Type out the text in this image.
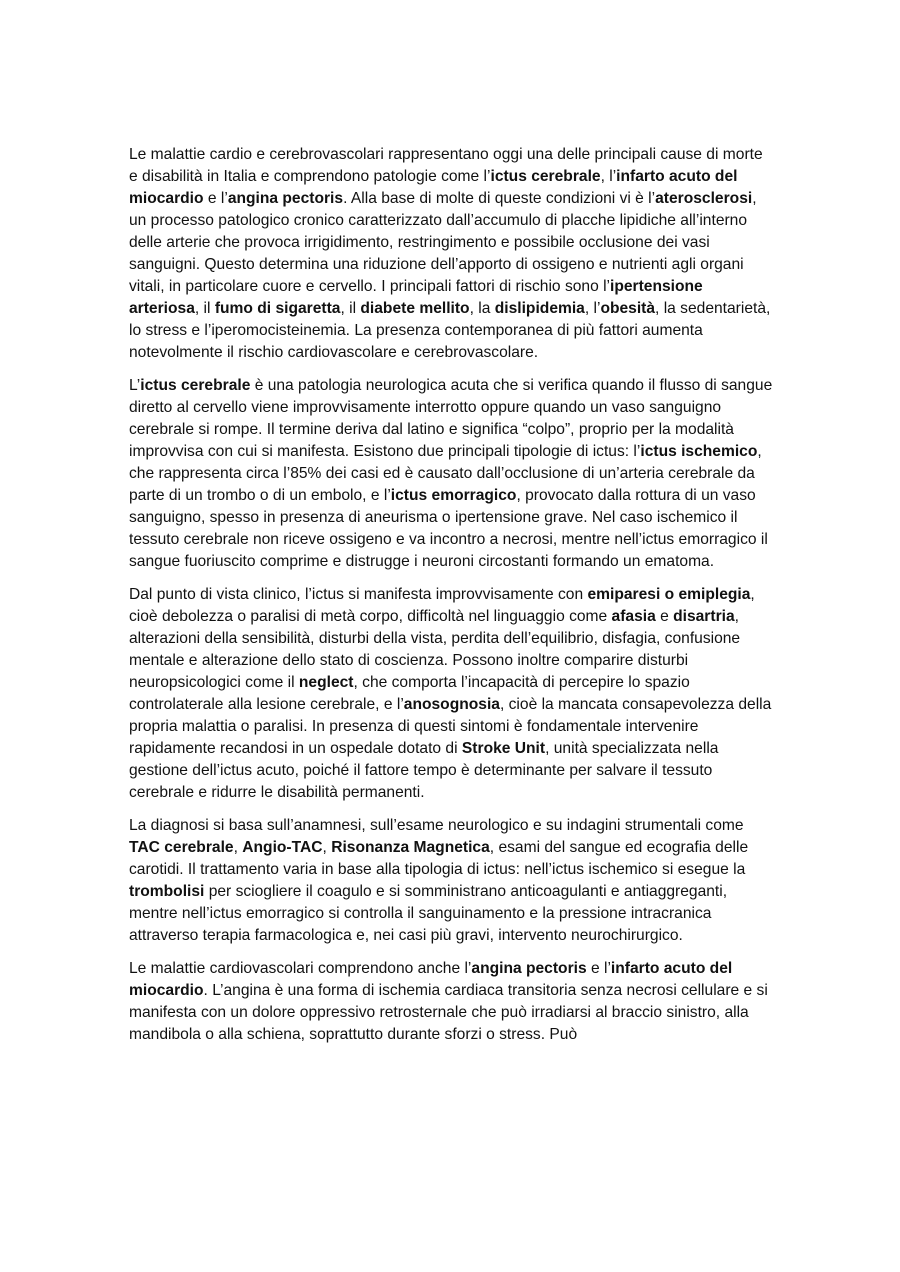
Le malattie cardio e cerebrovascolari rappresentano oggi una delle principali cause di morte e disabilità in Italia e comprendono patologie come l’ictus cerebrale, l’infarto acuto del miocardio e l’angina pectoris. Alla base di molte di queste condizioni vi è l’aterosclerosi, un processo patologico cronico caratterizzato dall’accumulo di placche lipidiche all’interno delle arterie che provoca irrigidimento, restringimento e possibile occlusione dei vasi sanguigni. Questo determina una riduzione dell’apporto di ossigeno e nutrienti agli organi vitali, in particolare cuore e cervello. I principali fattori di rischio sono l’ipertensione arteriosa, il fumo di sigaretta, il diabete mellito, la dislipidemia, l’obesità, la sedentarietà, lo stress e l’iperomocisteinemia. La presenza contemporanea di più fattori aumenta notevolmente il rischio cardiovascolare e cerebrovascolare.

L’ictus cerebrale è una patologia neurologica acuta che si verifica quando il flusso di sangue diretto al cervello viene improvvisamente interrotto oppure quando un vaso sanguigno cerebrale si rompe. Il termine deriva dal latino e significa “colpo”, proprio per la modalità improvvisa con cui si manifesta. Esistono due principali tipologie di ictus: l’ictus ischemico, che rappresenta circa l’85% dei casi ed è causato dall’occlusione di un’arteria cerebrale da parte di un trombo o di un embolo, e l’ictus emorragico, provocato dalla rottura di un vaso sanguigno, spesso in presenza di aneurisma o ipertensione grave. Nel caso ischemico il tessuto cerebrale non riceve ossigeno e va incontro a necrosi, mentre nell’ictus emorragico il sangue fuoriuscito comprime e distrugge i neuroni circostanti formando un ematoma.

Dal punto di vista clinico, l’ictus si manifesta improvvisamente con emiparesi o emiplegia, cioè debolezza o paralisi di metà corpo, difficoltà nel linguaggio come afasia e disartria, alterazioni della sensibilità, disturbi della vista, perdita dell’equilibrio, disfagia, confusione mentale e alterazione dello stato di coscienza. Possono inoltre comparire disturbi neuropsicologici come il neglect, che comporta l’incapacità di percepire lo spazio controlaterale alla lesione cerebrale, e l’anosognosia, cioè la mancata consapevolezza della propria malattia o paralisi. In presenza di questi sintomi è fondamentale intervenire rapidamente recandosi in un ospedale dotato di Stroke Unit, unità specializzata nella gestione dell’ictus acuto, poiché il fattore tempo è determinante per salvare il tessuto cerebrale e ridurre le disabilità permanenti.

La diagnosi si basa sull’anamnesi, sull’esame neurologico e su indagini strumentali come TAC cerebrale, Angio-TAC, Risonanza Magnetica, esami del sangue ed ecografia delle carotidi. Il trattamento varia in base alla tipologia di ictus: nell’ictus ischemico si esegue la trombolisi per sciogliere il coagulo e si somministrano anticoagulanti e antiaggreganti, mentre nell’ictus emorragico si controlla il sanguinamento e la pressione intracranica attraverso terapia farmacologica e, nei casi più gravi, intervento neurochirurgico.

Le malattie cardiovascolari comprendono anche l’angina pectoris e l’infarto acuto del miocardio. L’angina è una forma di ischemia cardiaca transitoria senza necrosi cellulare e si manifesta con un dolore oppressivo retrosternale che può irradiarsi al braccio sinistro, alla mandibola o alla schiena, soprattutto durante sforzi o stress. Può
